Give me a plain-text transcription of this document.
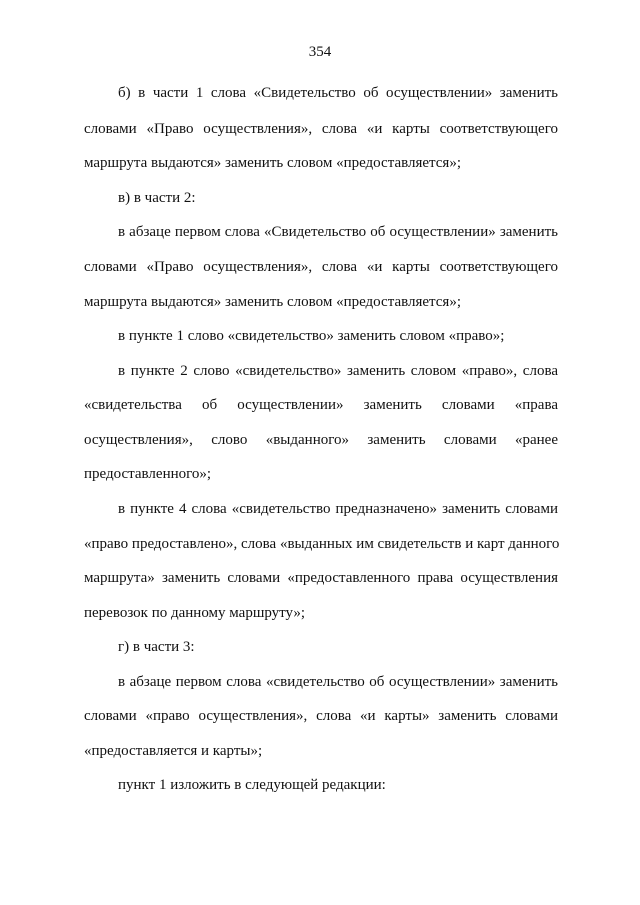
354
б) в части 1 слова «Свидетельство об осуществлении» заменить
словами «Право осуществления», слова «и карты соответствующего
маршрута выдаются» заменить словом «предоставляется»;
в) в части 2:
в абзаце первом слова «Свидетельство об осуществлении» заменить
словами «Право осуществления», слова «и карты соответствующего
маршрута выдаются» заменить словом «предоставляется»;
в пункте 1 слово «свидетельство» заменить словом «право»;
в пункте 2 слово «свидетельство» заменить словом «право», слова
«свидетельства об осуществлении» заменить словами «права
осуществления», слово «выданного» заменить словами «ранее
предоставленного»;
в пункте 4 слова «свидетельство предназначено» заменить словами
«право предоставлено», слова «выданных им свидетельств и карт данного
маршрута» заменить словами «предоставленного права осуществления
перевозок по данному маршруту»;
г) в части 3:
в абзаце первом слова «свидетельство об осуществлении» заменить
словами «право осуществления», слова «и карты» заменить словами
«предоставляется и карты»;
пункт 1 изложить в следующей редакции:
